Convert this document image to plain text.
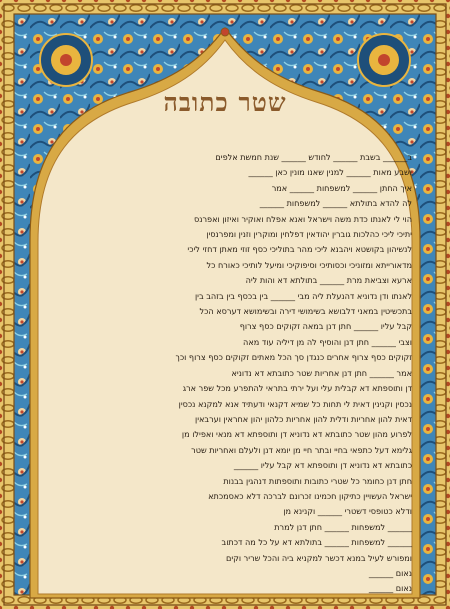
שטר כתובה
ב______ בשבת ______ לחודש ______ שנת חמשת אלפים
ושבע מאות ______ למנין שאנו מונין כאן ______
איך החתן ______ למשפחות ______ אמר
לה להדא בתולתא ______ למשפחות ______
הוי לי לאנתו כדת משה וישראל ואנא אפלח ואוקיר ואיזון ואפרנס
יתיכי ליכי כהלכות גוברין יהודאין דפלחין ומוקרין וזנין ומפרנסין
לנשיהון בקושטא ויהבנא ליכי מהר בתוליכי כסף זוזי מאתן דחזי ליכי
מדאורייתא ומזוניכי וכסותיכי וסיפוקיכי ומיעל לותיכי כאורח כל
ארעא וצביאת מרת ______ בתולתא דא והות ליה
לאנתו ודן נדוניא דהנעלת ליה מבי ______ בין בכסף בין בזהב בין
בתכשיטין במאני דלבושא בשימושי דירה ובשימושא דערסא הכל
קבל עליו ______ חתן דנן במאה זקוקים כסף צרוף
וצבי ______ חתן דנן והוסיף לה מן דיליה עוד מאה
זקוקים כסף צרוף אחרים כנגדן סך הכל מאתים זקוקים כסף צרוף וכך
אמר ______ חתן דנן אחריות שטר כתובתא דא נדוניא
דן ותוספתא דא קבלית עלי ועל ירתי בתראי להתפרע מכל שפר ארג
נכסין וקנינין דאית לי תחות כל שמיא דקנאי ודעתיד אנא למקנא נכסין
דאית להון אחריות ודלית להון אחריות כלהון יהון אחראין וערבאין
לפרוע מהון שטר כתובתא דא נדוניא דן ותוספתא דא מנאי ואפילו מן
גלימא דעל כתפאי בחיי ובתר חיי מן יומא דנן ולעלם ואחריות שטר
כתובתא דא נדוניא דן ותוספתא דא קבל עליו ______
חתן דנן כחומר כל שטרי כתובות ותוספתות דנהגין בבנות
ישראל העשויין כתיקון חכמינו זכרונם לברכה דלא כאסמכתא
ודלא כטופסי דשטרי ______ וקנינא מן
______ למשפחות ______ חתן דנן למרת
______ למשפחות ______ בתולתא דא על כל מה דכתוב
ומפורש לעיל במנא דכשר למקניא ביה והכל שריר וקים
נאום ______
נאום ______
